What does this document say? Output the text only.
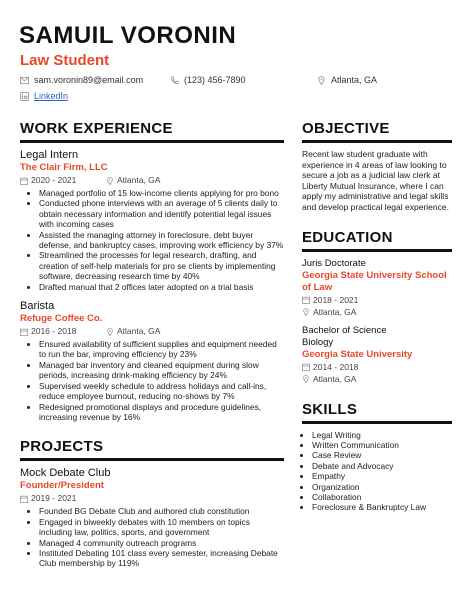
SAMUIL VORONIN
Law Student
sam.voronin89@email.com	(123) 456-7890	Atlanta, GA
LinkedIn
WORK EXPERIENCE
Legal Intern
The Clair Firm, LLC
2020 - 2021	Atlanta, GA
• Managed portfolio of 15 low-income clients applying for pro bono
• Conducted phone interviews with an average of 5 clients daily to obtain necessary information and identify potential legal issues with incoming cases
• Assisted the managing attorney in foreclosure, debt buyer defense, and bankruptcy cases, improving work efficiency by 37%
• Streamlined the processes for legal research, drafting, and creation of self-help materials for pro se clients by implementing software, decreasing research time by 40%
• Drafted manual that 2 offices later adopted on a trial basis
Barista
Refuge Coffee Co.
2016 - 2018	Atlanta, GA
• Ensured availability of sufficient supplies and equipment needed to run the bar, improving efficiency by 23%
• Managed bar inventory and cleaned equipment during slow periods, increasing drink-making efficiency by 24%
• Supervised weekly schedule to address holidays and call-ins, reduce employee burnout, reducing no-shows by 7%
• Redesigned promotional displays and procedure guidelines, increasing revenue by 16%
PROJECTS
Mock Debate Club
Founder/President
2019 - 2021
• Founded BG Debate Club and authored club constitution
• Engaged in biweekly debates with 10 members on topics including law, politics, sports, and government
• Managed 4 community outreach programs
• Instituted Debating 101 class every semester, increasing Debate Club membership by 119%
OBJECTIVE
Recent law student graduate with experience in 4 areas of law looking to secure a job as a judicial law clerk at Liberty Mutual Insurance, where I can apply my administrative and legal skills and develop practical legal experience.
EDUCATION
Juris Doctorate
Georgia State University School of Law
2018 - 2021
Atlanta, GA
Bachelor of Science
Biology
Georgia State University
2014 - 2018
Atlanta, GA
SKILLS
• Legal Writing
• Written Communication
• Case Review
• Debate and Advocacy
• Empathy
• Organization
• Collaboration
• Foreclosure & Bankruptcy Law
